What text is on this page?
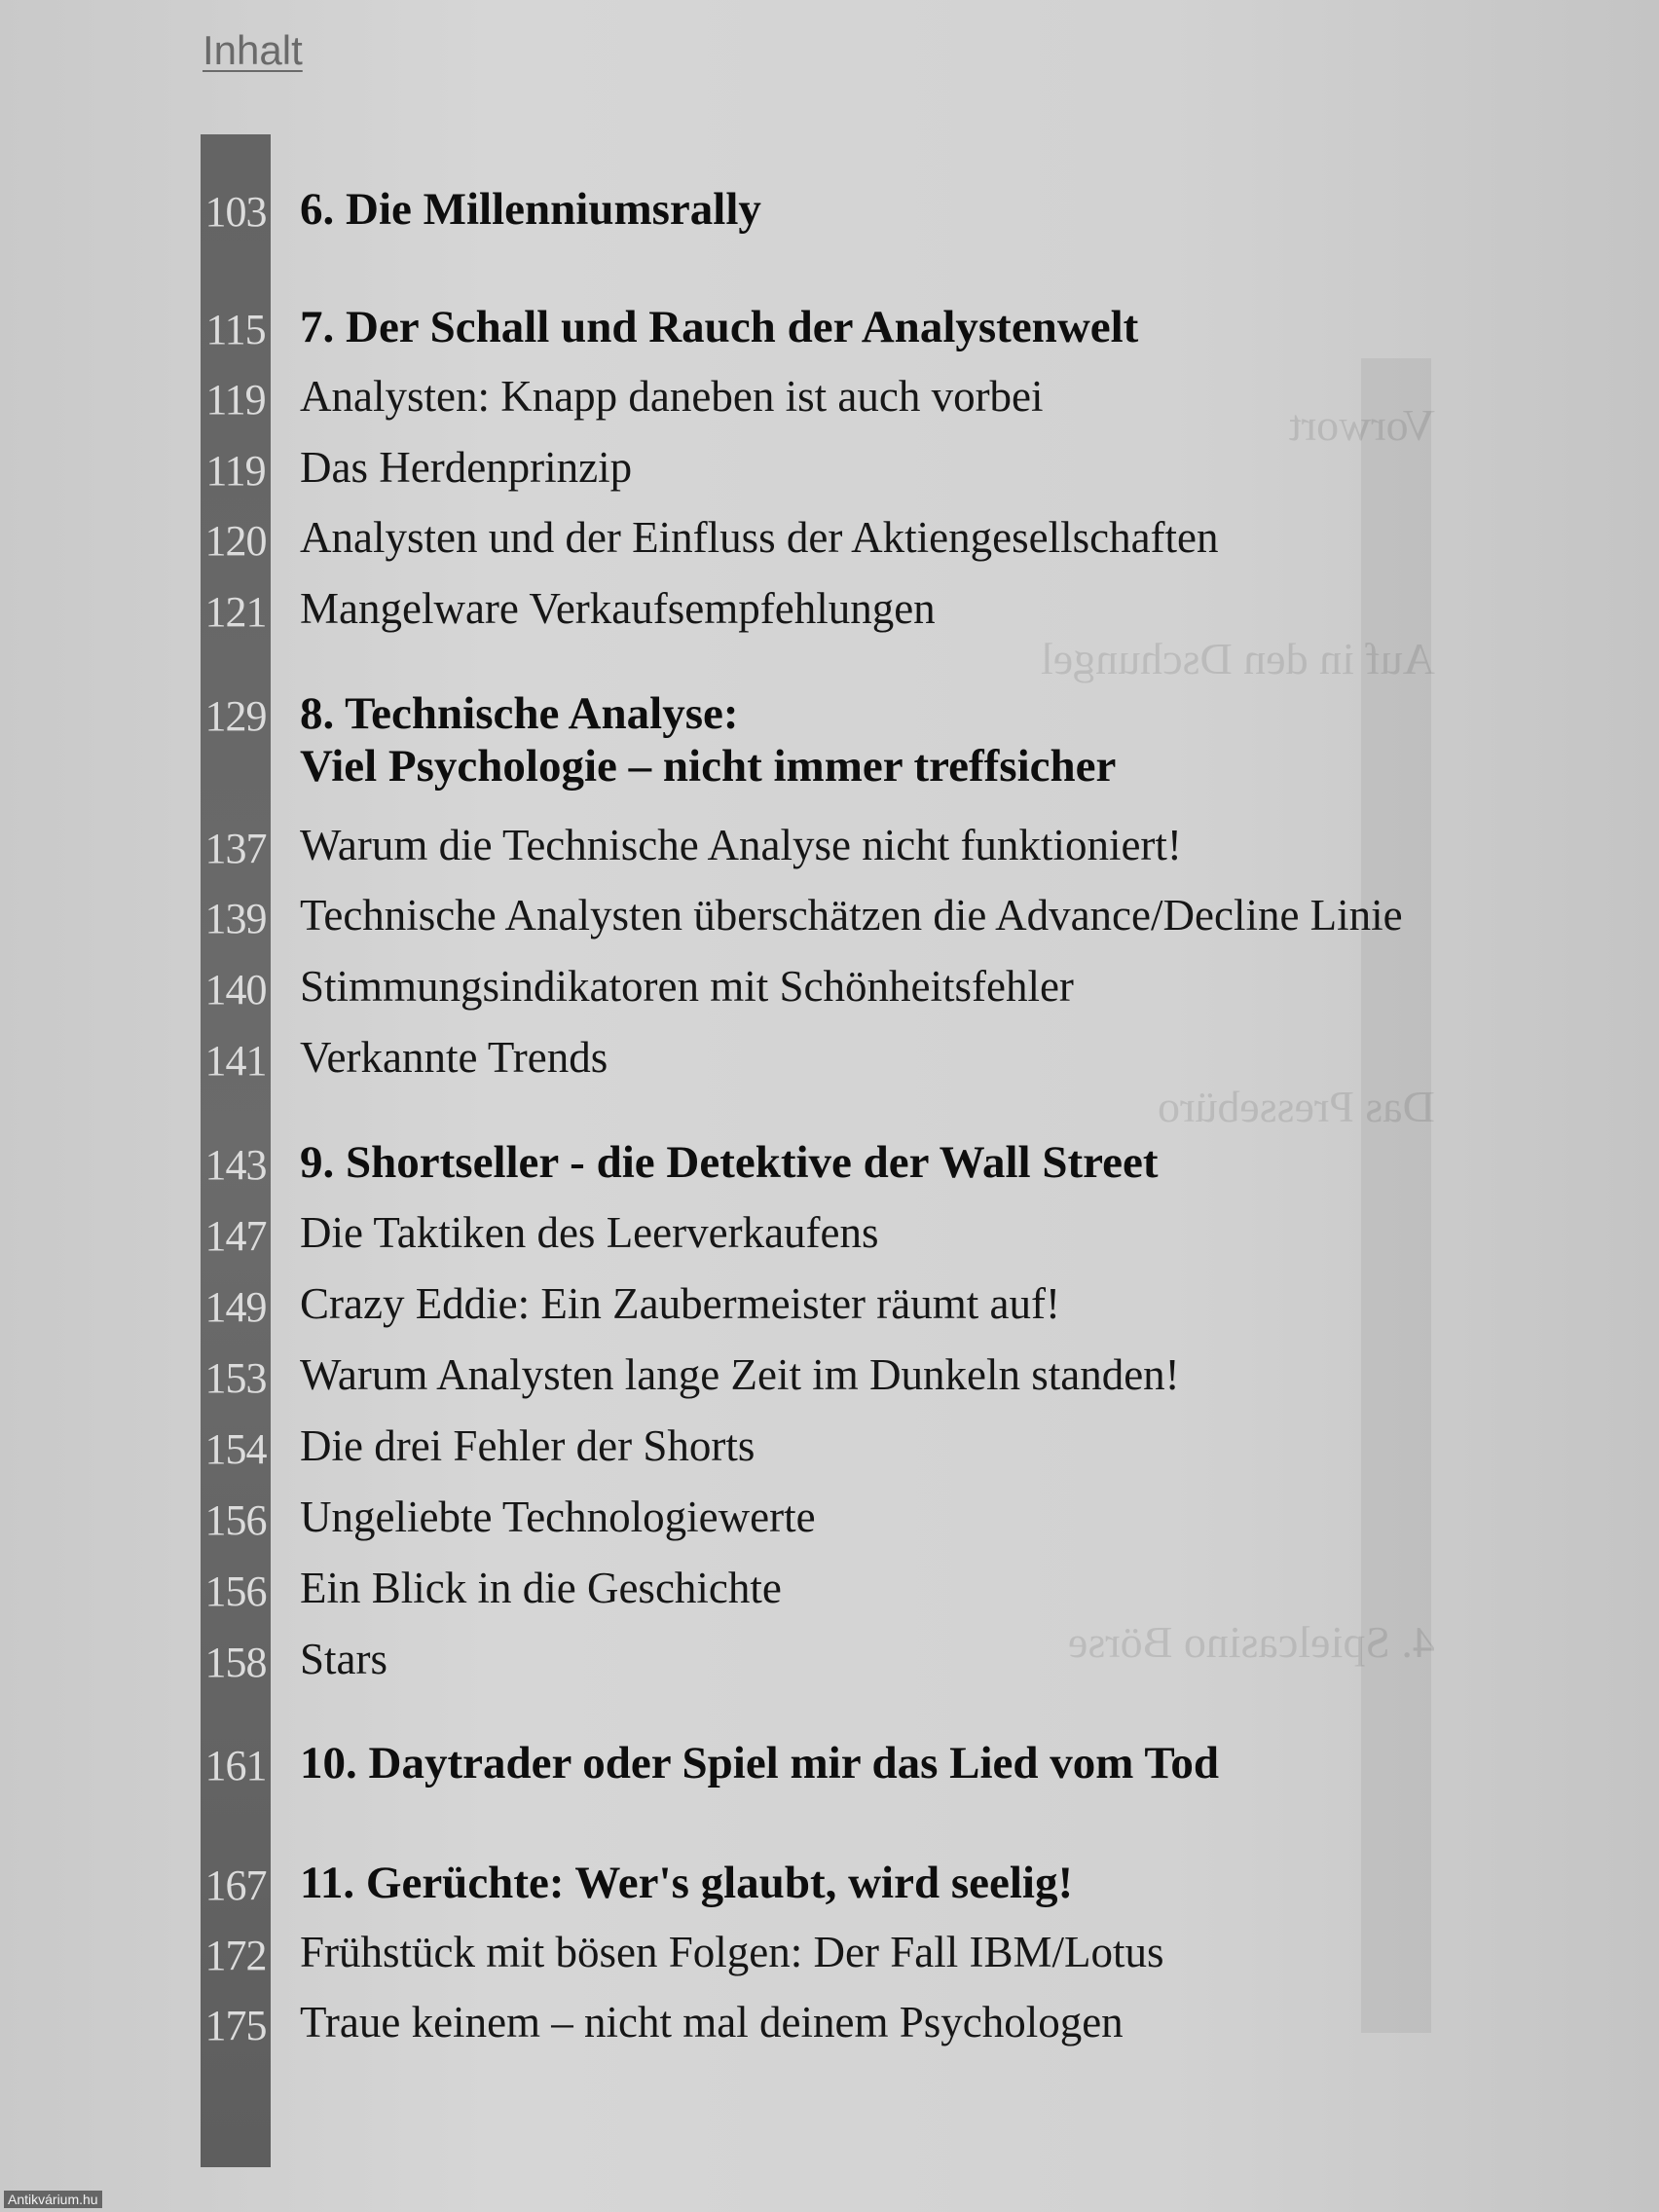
Vorwort
Auf in den Dschungel
Das Pressebüro
4. Spielcasino Börse
Inhalt
103 6. Die Millenniumsrally
115 7. Der Schall und Rauch der Analystenwelt
119 Analysten: Knapp daneben ist auch vorbei
119 Das Herdenprinzip
120 Analysten und der Einfluss der Aktiengesellschaften
121 Mangelware Verkaufsempfehlungen
129 8. Technische Analyse:
Viel Psychologie – nicht immer treffsicher
137 Warum die Technische Analyse nicht funktioniert!
139 Technische Analysten überschätzen die Advance/Decline Linie
140 Stimmungsindikatoren mit Schönheitsfehler
141 Verkannte Trends
143 9. Shortseller - die Detektive der Wall Street
147 Die Taktiken des Leerverkaufens
149 Crazy Eddie: Ein Zaubermeister räumt auf!
153 Warum Analysten lange Zeit im Dunkeln standen!
154 Die drei Fehler der Shorts
156 Ungeliebte Technologiewerte
156 Ein Blick in die Geschichte
158 Stars
161 10. Daytrader oder Spiel mir das Lied vom Tod
167 11. Gerüchte: Wer's glaubt, wird seelig!
172 Frühstück mit bösen Folgen: Der Fall IBM/Lotus
175 Traue keinem – nicht mal deinem Psychologen
Antikvárium.hu
